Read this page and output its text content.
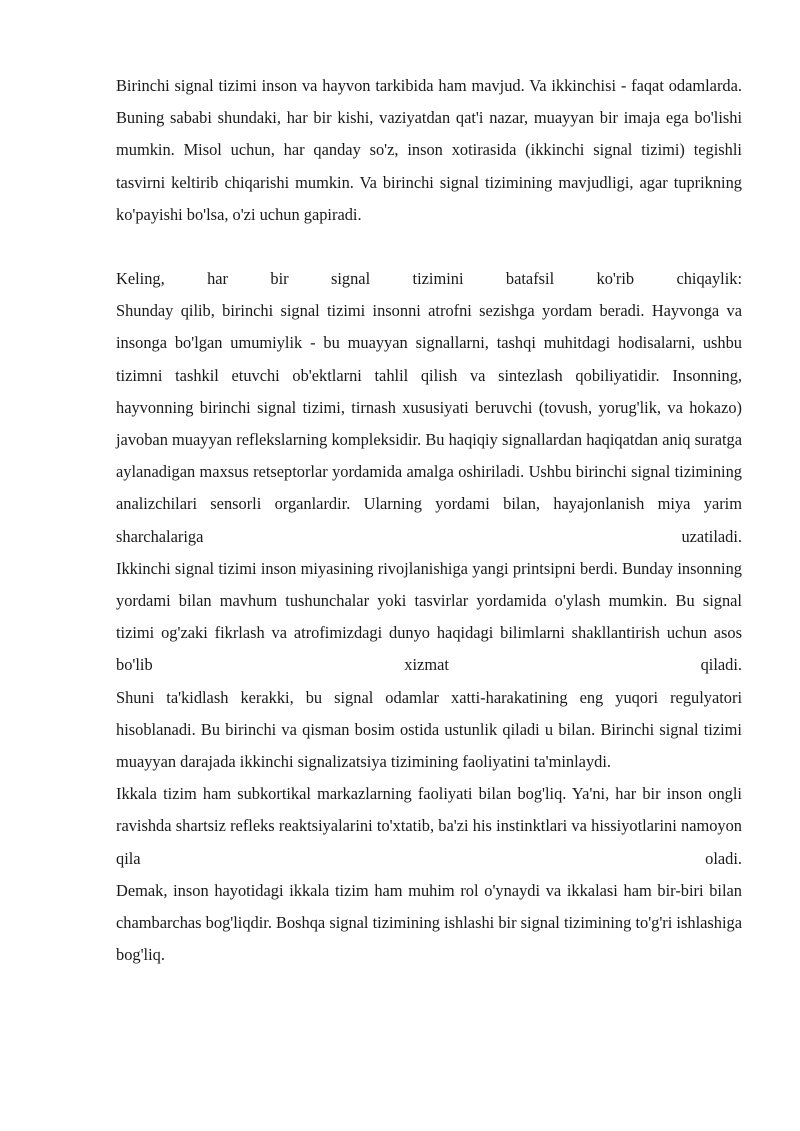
Birinchi signal tizimi inson va hayvon tarkibida ham mavjud. Va ikkinchisi - faqat odamlarda. Buning sababi shundaki, har bir kishi, vaziyatdan qat'i nazar, muayyan bir imaja ega bo'lishi mumkin. Misol uchun, har qanday so'z, inson xotirasida (ikkinchi signal tizimi) tegishli tasvirni keltirib chiqarishi mumkin. Va birinchi signal tizimining mavjudligi, agar tuprikning ko'payishi bo'lsa, o'zi uchun gapiradi.

Keling, har bir signal tizimini batafsil ko'rib chiqaylik:

Shunday qilib, birinchi signal tizimi insonni atrofni sezishga yordam beradi. Hayvonga va insonga bo'lgan umumiylik - bu muayyan signallarni, tashqi muhitdagi hodisalarni, ushbu tizimni tashkil etuvchi ob'ektlarni tahlil qilish va sintezlash qobiliyatidir. Insonning, hayvonning birinchi signal tizimi, tirnash xususiyati beruvchi (tovush, yorug'lik, va hokazo) javoban muayyan reflekslarning kompleksidir. Bu haqiqiy signallardan haqiqatdan aniq suratga aylanadigan maxsus retseptorlar yordamida amalga oshiriladi. Ushbu birinchi signal tizimining analizchilari sensorli organlardir. Ularning yordami bilan, hayajonlanish miya yarim sharchalariga uzatiladi.

Ikkinchi signal tizimi inson miyasining rivojlanishiga yangi printsipni berdi. Bunday insonning yordami bilan mavhum tushunchalar yoki tasvirlar yordamida o'ylash mumkin. Bu signal tizimi og'zaki fikrlash va atrofimizdagi dunyo haqidagi bilimlarni shakllantirish uchun asos bo'lib xizmat qiladi.

Shuni ta'kidlash kerakki, bu signal odamlar xatti-harakatining eng yuqori regulyatori hisoblanadi. Bu birinchi va qisman bosim ostida ustunlik qiladi u bilan. Birinchi signal tizimi muayyan darajada ikkinchi signalizatsiya tizimining faoliyatini ta'minlaydi.

Ikkala tizim ham subkortikal markazlarning faoliyati bilan bog'liq. Ya'ni, har bir inson ongli ravishda shartsiz refleks reaktsiyalarini to'xtatib, ba'zi his instinktlari va hissiyotlarini namoyon qila oladi.

Demak, inson hayotidagi ikkala tizim ham muhim rol o'ynaydi va ikkalasi ham bir-biri bilan chambarchas bog'liqdir. Boshqa signal tizimining ishlashi bir signal tizimining to'g'ri ishlashiga bog'liq.
